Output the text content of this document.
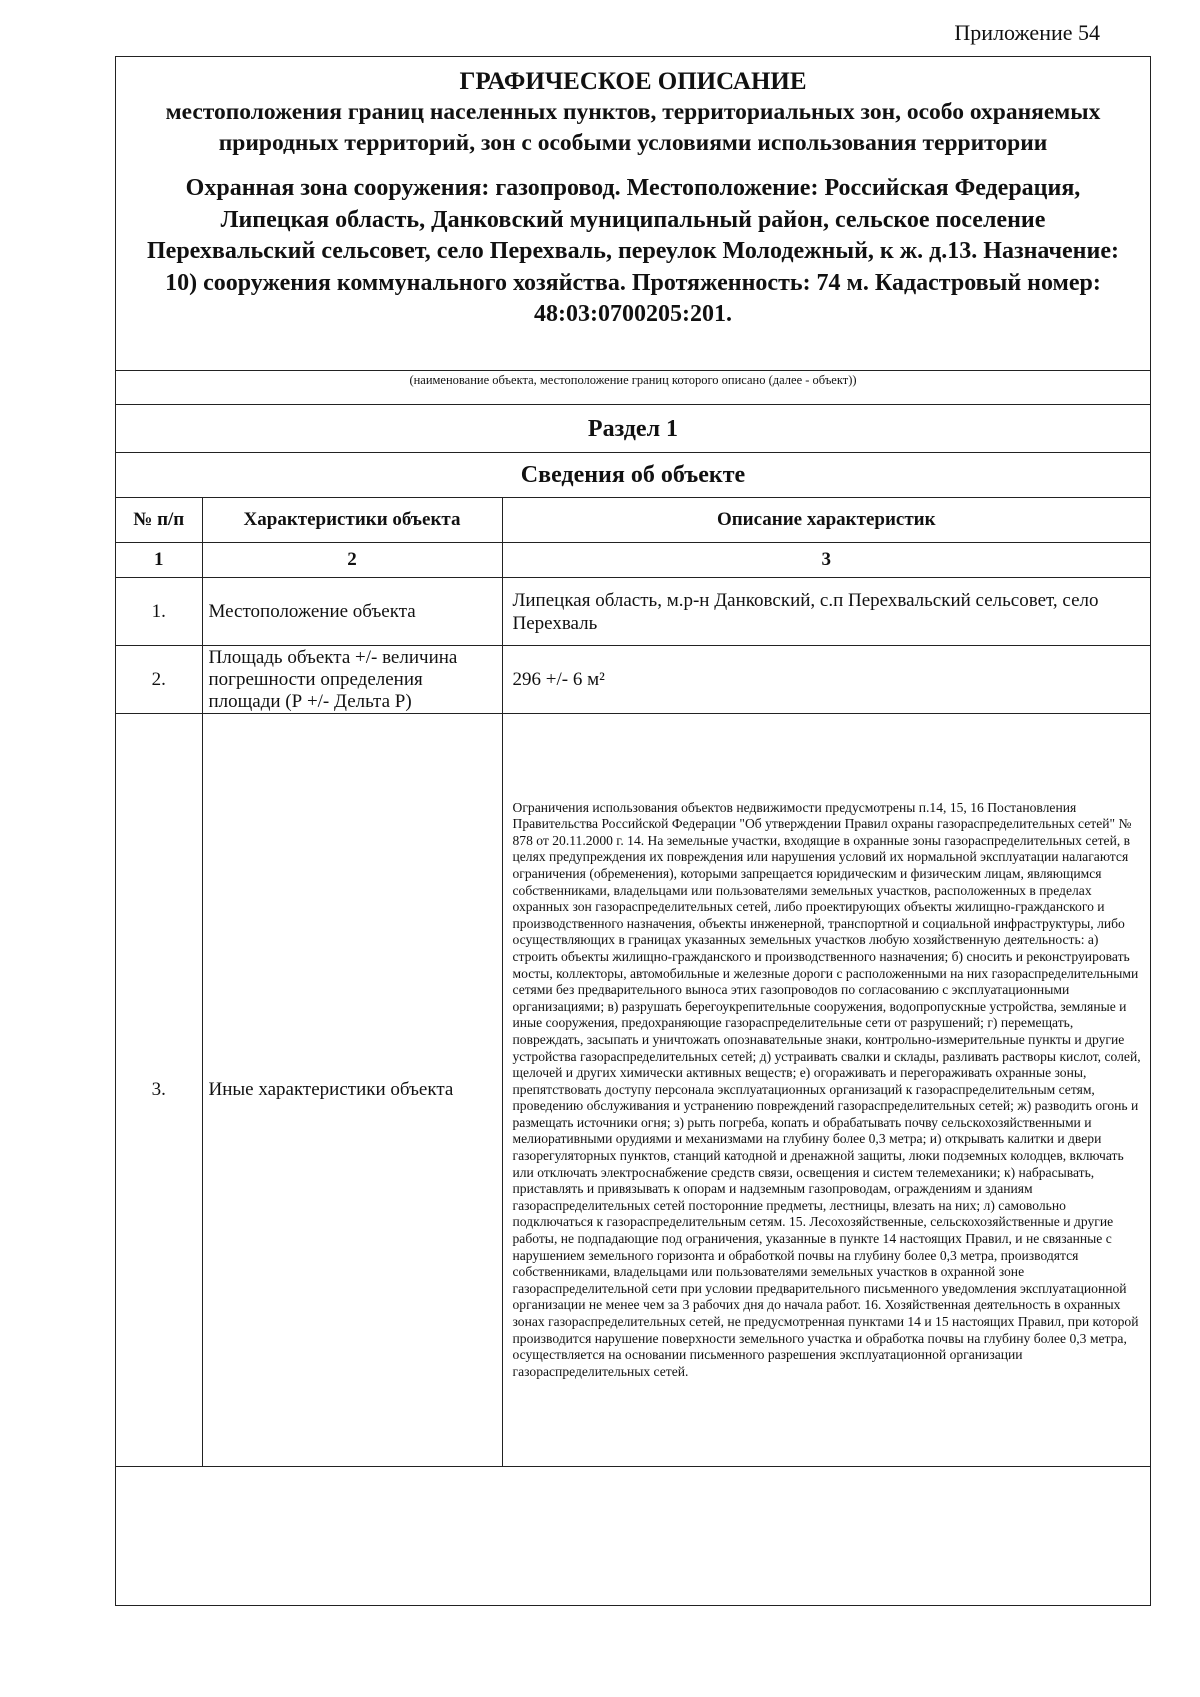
Приложение 54
ГРАФИЧЕСКОЕ ОПИСАНИЕ
местоположения границ населенных пунктов, территориальных зон, особо охраняемых природных территорий, зон с особыми условиями использования территории
Охранная зона сооружения: газопровод. Местоположение: Российская Федерация, Липецкая область, Данковский муниципальный район, сельское поселение Перехвальский сельсовет, село Перехваль, переулок Молодежный, к ж. д.13. Назначение: 10) сооружения коммунального хозяйства. Протяженность: 74 м. Кадастровый номер: 48:03:0700205:201.
(наименование объекта, местоположение границ которого описано (далее - объект))
Раздел 1
Сведения об объекте
№ п/п	Характеристики объекта	Описание характеристик
1	2	3
1.	Местоположение объекта	Липецкая область, м.р-н Данковский, с.п Перехвальский сельсовет, село Перехваль
2.	Площадь объекта +/- величина погрешности определения площади (Р +/- Дельта Р)	296 +/- 6 м²
3.	Иные характеристики объекта	Ограничения использования объектов недвижимости предусмотрены п.14, 15, 16 Постановления Правительства Российской Федерации "Об утверждении Правил охраны газораспределительных сетей" № 878 от 20.11.2000 г. 14. На земельные участки, входящие в охранные зоны газораспределительных сетей, в целях предупреждения их повреждения или нарушения условий их нормальной эксплуатации налагаются ограничения (обременения), которыми запрещается юридическим и физическим лицам, являющимся собственниками, владельцами или пользователями земельных участков, расположенных в пределах охранных зон газораспределительных сетей, либо проектирующих объекты жилищно-гражданского и производственного назначения, объекты инженерной, транспортной и социальной инфраструктуры, либо осуществляющих в границах указанных земельных участков любую хозяйственную деятельность: а) строить объекты жилищно-гражданского и производственного назначения; б) сносить и реконструировать мосты, коллекторы, автомобильные и железные дороги с расположенными на них газораспределительными сетями без предварительного выноса этих газопроводов по согласованию с эксплуатационными организациями; в) разрушать берегоукрепительные сооружения, водопропускные устройства, земляные и иные сооружения, предохраняющие газораспределительные сети от разрушений; г) перемещать, повреждать, засыпать и уничтожать опознавательные знаки, контрольно-измерительные пункты и другие устройства газораспределительных сетей; д) устраивать свалки и склады, разливать растворы кислот, солей, щелочей и других химически активных веществ; е) огораживать и перегораживать охранные зоны, препятствовать доступу персонала эксплуатационных организаций к газораспределительным сетям, проведению обслуживания и устранению повреждений газораспределительных сетей; ж) разводить огонь и размещать источники огня; з) рыть погреба, копать и обрабатывать почву сельскохозяйственными и мелиоративными орудиями и механизмами на глубину более 0,3 метра; и) открывать калитки и двери газорегуляторных пунктов, станций катодной и дренажной защиты, люки подземных колодцев, включать или отключать электроснабжение средств связи, освещения и систем телемеханики; к) набрасывать, приставлять и привязывать к опорам и надземным газопроводам, ограждениям и зданиям газораспределительных сетей посторонние предметы, лестницы, влезать на них; л) самовольно подключаться к газораспределительным сетям. 15. Лесохозяйственные, сельскохозяйственные и другие работы, не подпадающие под ограничения, указанные в пункте 14 настоящих Правил, и не связанные с нарушением земельного горизонта и обработкой почвы на глубину более 0,3 метра, производятся собственниками, владельцами или пользователями земельных участков в охранной зоне газораспределительной сети при условии предварительного письменного уведомления эксплуатационной организации не менее чем за 3 рабочих дня до начала работ. 16. Хозяйственная деятельность в охранных зонах газораспределительных сетей, не предусмотренная пунктами 14 и 15 настоящих Правил, при которой производится нарушение поверхности земельного участка и обработка почвы на глубину более 0,3 метра, осуществляется на основании письменного разрешения эксплуатационной организации газораспределительных сетей.
